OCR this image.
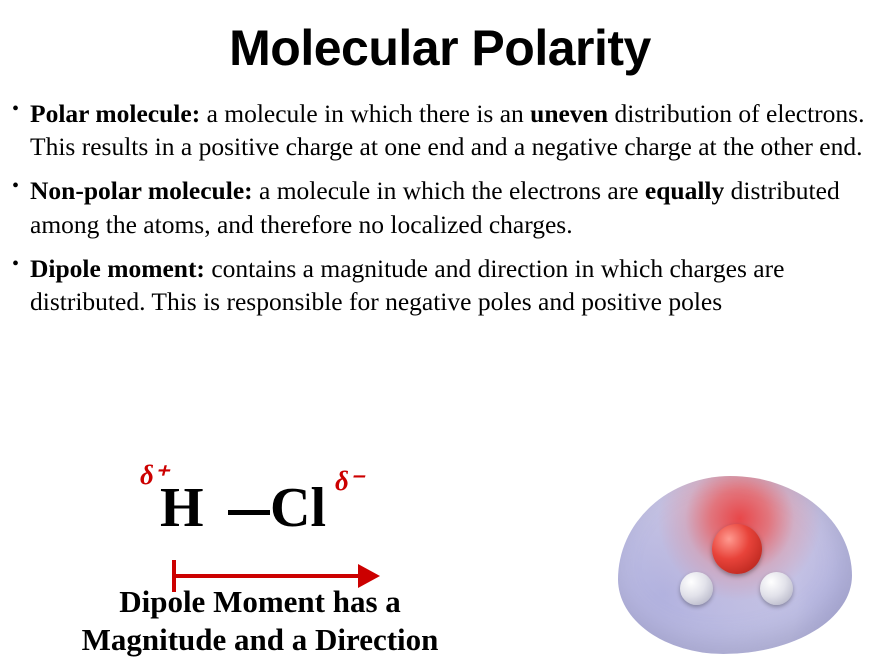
Molecular Polarity
• Polar molecule: a molecule in which there is an uneven distribution of electrons. This results in a positive charge at one end and a negative charge at the other end.
• Non-polar molecule: a molecule in which the electrons are equally distributed among the atoms, and therefore no localized charges.
• Dipole moment: contains a magnitude and direction in which charges are distributed. This is responsible for negative poles and positive poles
δ⁺
H Cl δ⁻
Dipole Moment has a
Magnitude and a Direction
